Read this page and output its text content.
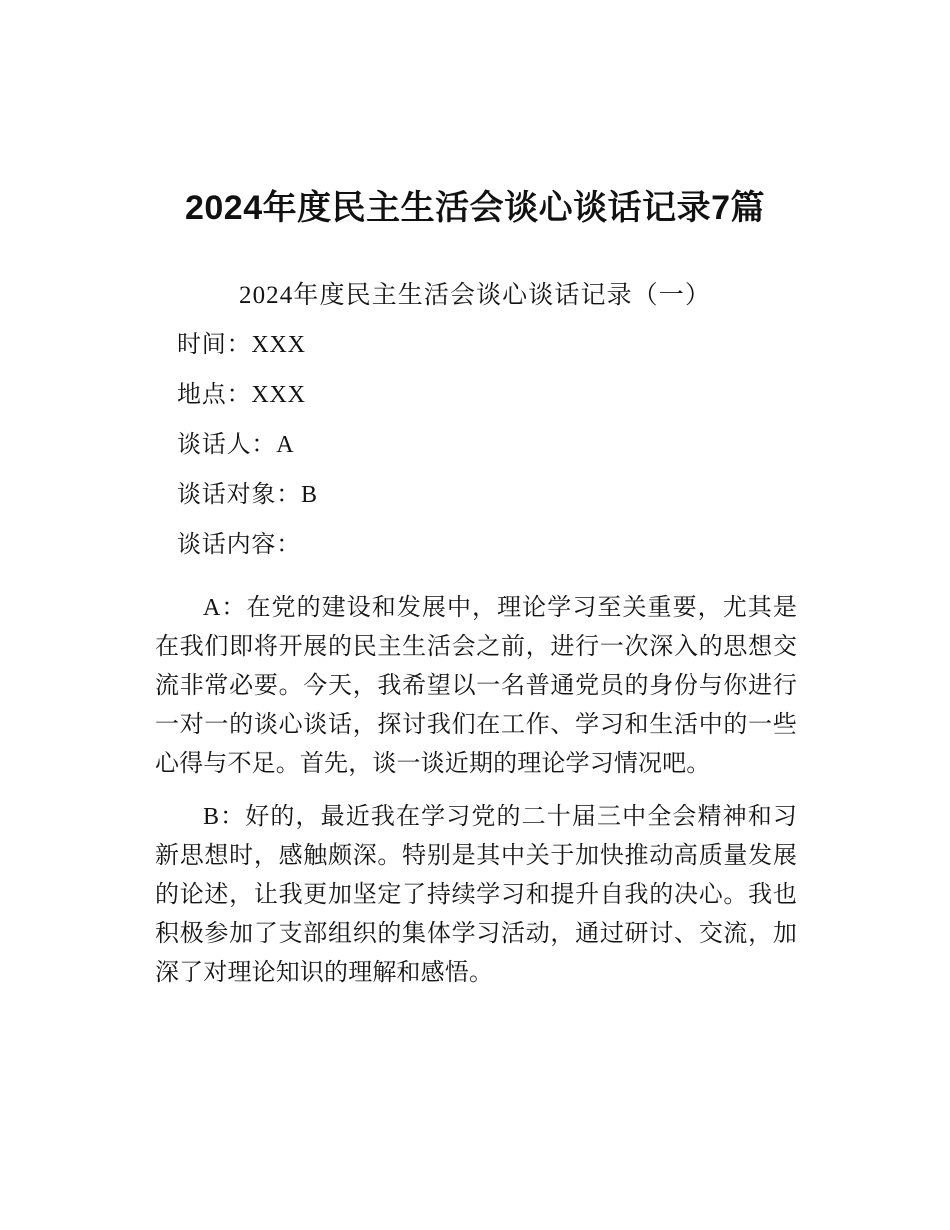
2024年度民主生活会谈心谈话记录7篇
2024年度民主生活会谈心谈话记录（一）

时间：XXX

地点：XXX

谈话人：A

谈话对象：B

谈话内容：

A：在党的建设和发展中，理论学习至关重要，尤其是在我们即将开展的民主生活会之前，进行一次深入的思想交流非常必要。今天，我希望以一名普通党员的身份与你进行一对一的谈心谈话，探讨我们在工作、学习和生活中的一些心得与不足。首先，谈一谈近期的理论学习情况吧。

B：好的，最近我在学习党的二十届三中全会精神和习新思想时，感触颇深。特别是其中关于加快推动高质量发展的论述，让我更加坚定了持续学习和提升自我的决心。我也积极参加了支部组织的集体学习活动，通过研讨、交流，加深了对理论知识的理解和感悟。
